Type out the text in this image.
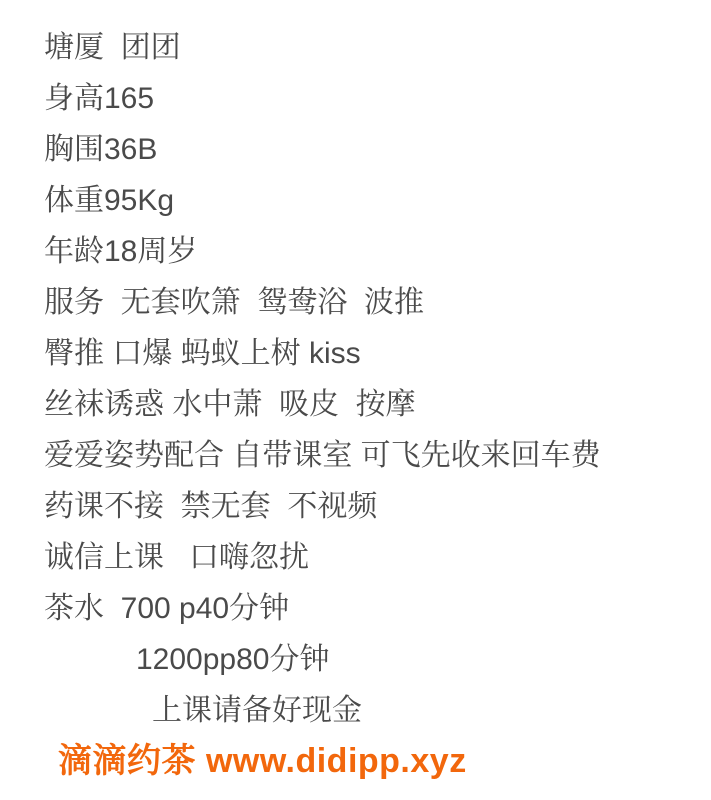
塘厦  团团
身高165
胸围36B
体重95Kg
年龄18周岁
服务  无套吹箫  鸳鸯浴  波推
臀推 口爆 蚂蚁上树 kiss
丝袜诱惑 水中萧  吸皮  按摩
爱爱姿势配合 自带课室 可飞先收来回车费
药课不接  禁无套  不视频
诚信上课   口嗨忽扰
茶水  700 p40分钟
1200pp80分钟
上课请备好现金
滴滴约茶 www.didipp.xyz
